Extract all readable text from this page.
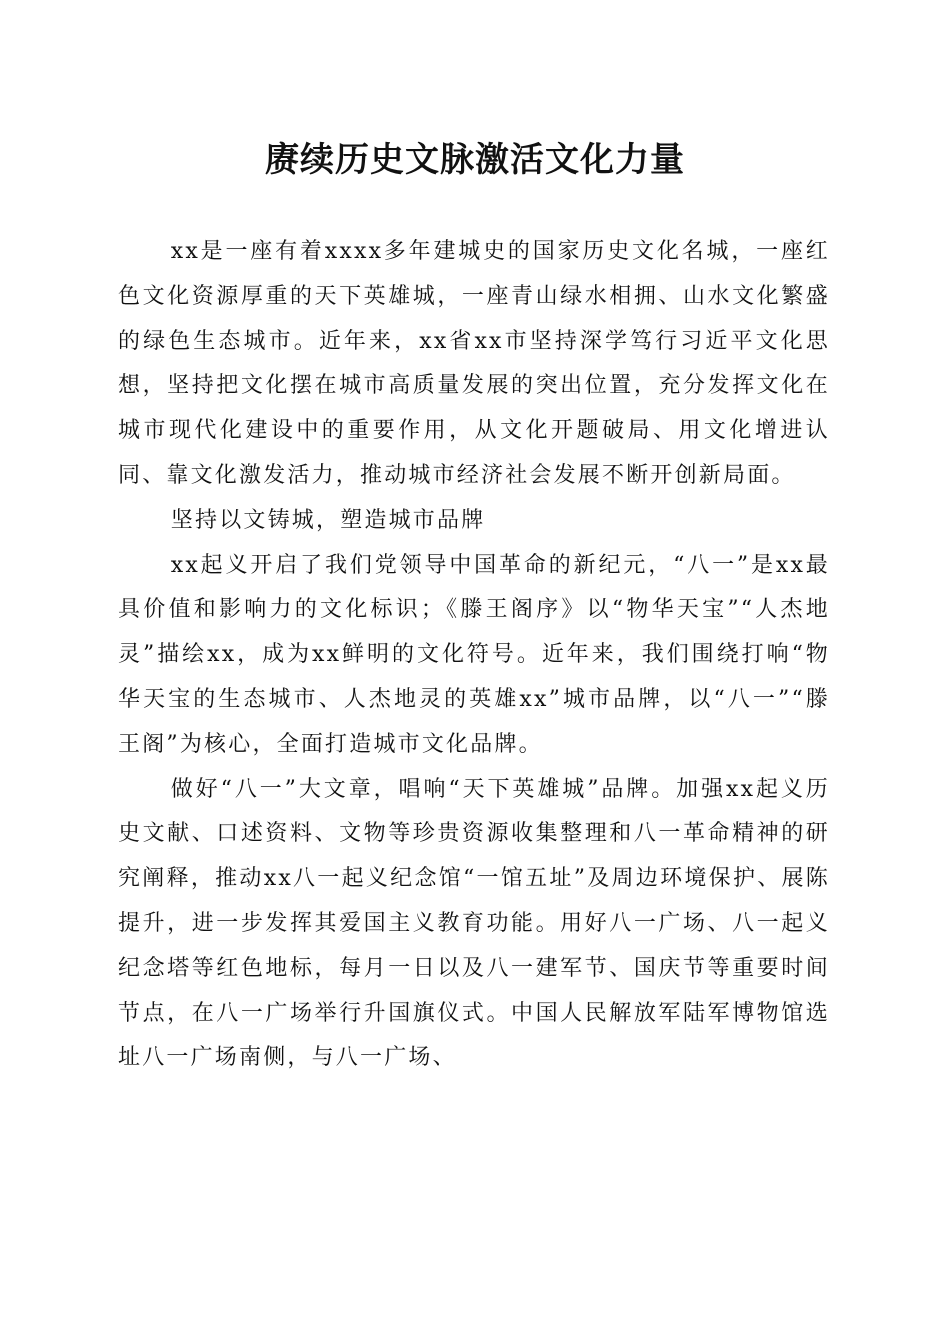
赓续历史文脉激活文化力量

xx是一座有着xxxx多年建城史的国家历史文化名城，一座红色文化资源厚重的天下英雄城，一座青山绿水相拥、山水文化繁盛的绿色生态城市。近年来，xx省xx市坚持深学笃行习近平文化思想，坚持把文化摆在城市高质量发展的突出位置，充分发挥文化在城市现代化建设中的重要作用，从文化开题破局、用文化增进认同、靠文化激发活力，推动城市经济社会发展不断开创新局面。

坚持以文铸城，塑造城市品牌

xx起义开启了我们党领导中国革命的新纪元，“八一”是xx最具价值和影响力的文化标识；《滕王阁序》以“物华天宝”“人杰地灵”描绘xx，成为xx鲜明的文化符号。近年来，我们围绕打响“物华天宝的生态城市、人杰地灵的英雄xx”城市品牌，以“八一”“滕王阁”为核心，全面打造城市文化品牌。

做好“八一”大文章，唱响“天下英雄城”品牌。加强xx起义历史文献、口述资料、文物等珍贵资源收集整理和八一革命精神的研究阐释，推动xx八一起义纪念馆“一馆五址”及周边环境保护、展陈提升，进一步发挥其爱国主义教育功能。用好八一广场、八一起义纪念塔等红色地标，每月一日以及八一建军节、国庆节等重要时间节点，在八一广场举行升国旗仪式。中国人民解放军陆军博物馆选址八一广场南侧，与八一广场、
